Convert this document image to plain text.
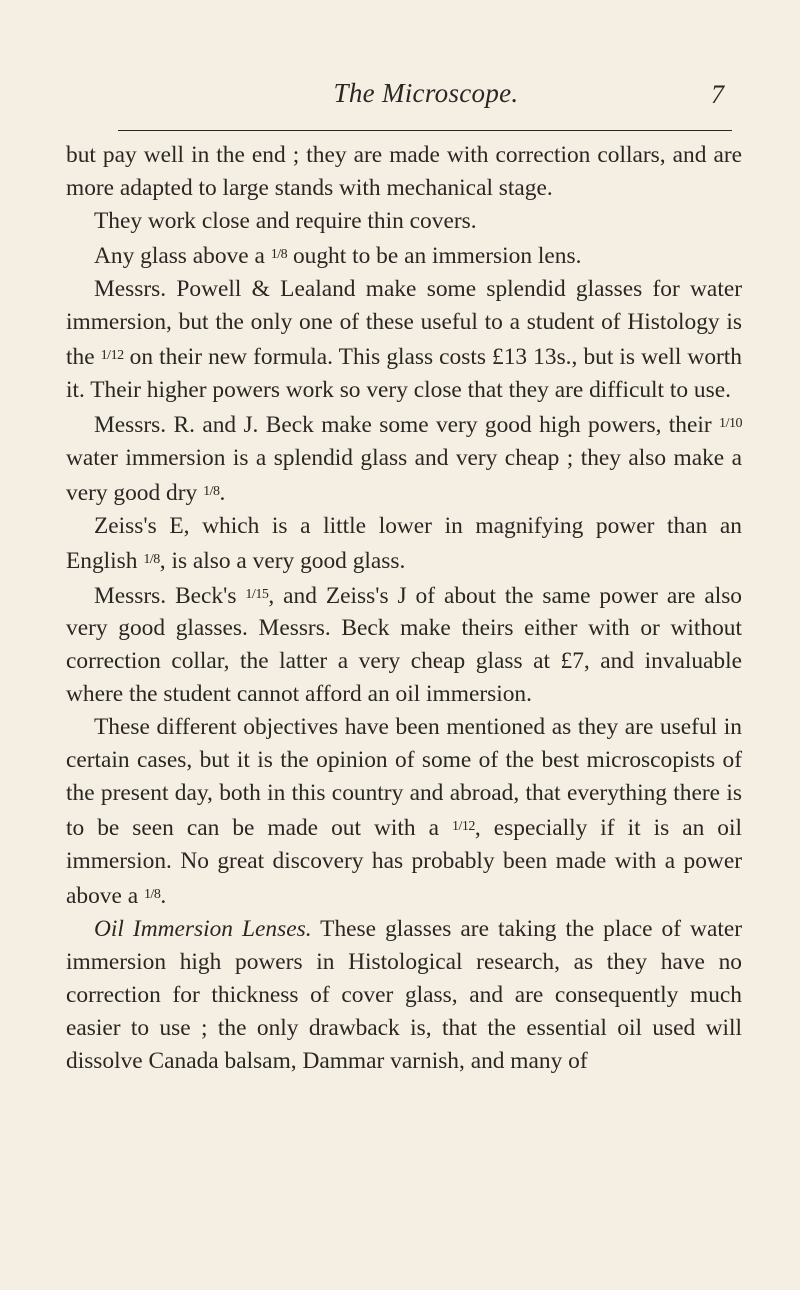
The Microscope.	7

but pay well in the end ; they are made with correction collars, and are more adapted to large stands with mechanical stage.

They work close and require thin covers.

Any glass above a $^{1/8}$ ought to be an immersion lens.

Messrs. Powell & Lealand make some splendid glasses for water immersion, but the only one of these useful to a student of Histology is the $^{1/12}$ on their new formula. This glass costs £13 13s., but is well worth it. Their higher powers work so very close that they are difficult to use.

Messrs. R. and J. Beck make some very good high powers, their $^{1/10}$ water immersion is a splendid glass and very cheap ; they also make a very good dry $^{1/8}$.

Zeiss's E, which is a little lower in magnifying power than an English $^{1/8}$, is also a very good glass.

Messrs. Beck's $^{1/15}$, and Zeiss's J of about the same power are also very good glasses. Messrs. Beck make theirs either with or without correction collar, the latter a very cheap glass at £7, and invaluable where the student cannot afford an oil immersion.

These different objectives have been mentioned as they are useful in certain cases, but it is the opinion of some of the best microscopists of the present day, both in this country and abroad, that everything there is to be seen can be made out with a $^{1/12}$, especially if it is an oil immersion. No great discovery has probably been made with a power above a $^{1/8}$.

Oil Immersion Lenses. These glasses are taking the place of water immersion high powers in Histological research, as they have no correction for thickness of cover glass, and are consequently much easier to use ; the only drawback is, that the essential oil used will dissolve Canada balsam, Dammar varnish, and many of
